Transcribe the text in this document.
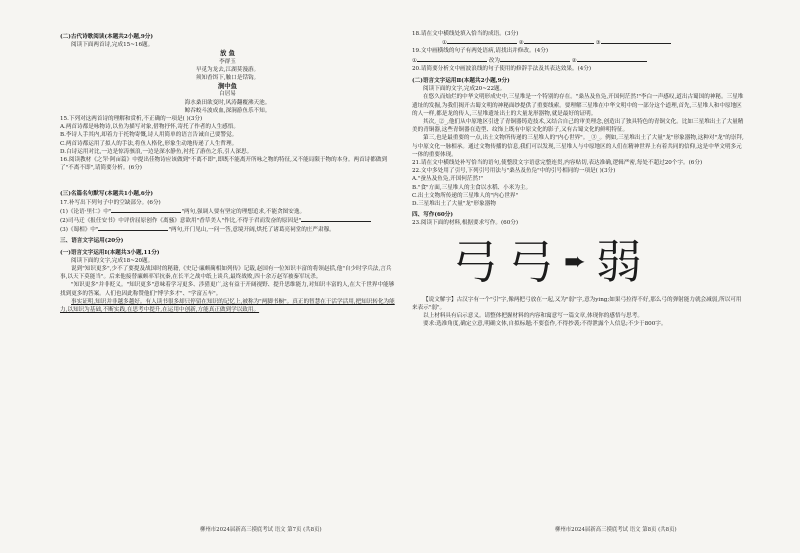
(二)古代诗歌阅读(本题共2小题,9分)
阅读下面两首诗,完成15~16题。
放 鱼
李群玉
早觅为龙去,江湖莫漫游。
须知香饵下,触口是铦钩。
涧中鱼
白居易
海水桑田欲变时,风涛翻覆沸天池。
鲸吞蛟斗波成血,深涧游鱼乐不知。
15.下列对这两首诗的理解和赏析,不正确的一项是( )(3分)
A.两首诗都是咏物诗,以鱼为描写对象,借物抒怀,寄托了作者的人生感悟。
B.李诗人手其内,却着力于托物寄慨,诗人用简单的语言告诫自己要警觉。
C.两首诗都运用了拟人的手法,将鱼人格化,形象生动地传递了人生哲理。
D.白诗运用对比,一边是惊涛骇浪,一边是深水静鱼,衬托了游鱼之乐,引人深思。
16.阅读教材《之罘·阿亩篇》中提出佳物诗应该做到"不离不即",即既不能离开所咏之物的特征,又不能局限于物的本身。两首诗都做到了"不离不即",请简要分析。(6分)
(三)名篇名句默写(本题共1小题,6分)
17.补写出下列句子中的空缺部分。(6分)
(1)《论语·里仁》中"	"两句,强调人要有坚定的理想追求,不能贪图安逸。
(2)司马迁《报任安书》中评价屈原创作《离骚》意欲用"香草美人"作比,不得于君而发奋的原因是"
(3)《蜀相》中"	"两句,开门见山,一问一答,意境开阔,烘托了诸葛亮祠堂的庄严肃穆。
三、语言文字运用(20分)
(一)语言文字运用Ⅰ(本题共3小题,11分)
阅读下面的文字,完成18~20题。
说到"知识更多",少不了要提及战国时的秘籍,《史记·廉颇蔺相如列传》记载,赵国有一位知识丰富的将领赵括,他"自少时学兵法,言兵事,以天下莫能当"。后来他接替廉颇率军抗秦,在长平之战中纸上谈兵,最终战败,四十余万赵军被秦军坑杀。
"知识更多"并非贬义。"知识更多"意味着学习更多、涉猎更广,这有益于开阔视野、提升思维能力,对知识丰富的人,在大千世界中能够找到更多的答案。人们也因此称赞他们"博学多才"、"学富五车"。
事实证明,知识并非越多越好。有人读书很多却只停留在知识的记忆上,被称为"两脚书橱"。真正的智慧在于活学活用,把知识转化为能力,以知识为基础,不断实践,在思考中提升,在运用中创新,方能真正做到学以致用。
18.请在文中横线处填入恰当的成语。(3分)
①	②	③
19.文中画横线的句子有两处语病,请找出并修改。(4分)
①	改为	②
20.请简要分析文中画波浪线的句子使用的修辞手法及其表达效果。(4分)
(二)语言文字运用Ⅱ(本题共2小题,9分)
阅读下面的文字,完成20~22题。
在悠久而灿烂的中华文明形成史中,三星堆是一个特别的存在。"桑丛及鱼凫,开国何茫然!"李白一声感叹,道出古蜀国的神秘。三星堆遗址的发掘,为我们揭开古蜀文明的神秘面纱提供了重要线索。要理解三星堆在中华文明中的一部分这个道理,首先,三星堆人和中原地区的人一样,都是龙的传人,三星堆遗址出土的大量龙形器物,就是最好的证明。
其次,_②_,他们从中原地区引进了青铜器铸造技术,又结合自己的审美理念,创造出了独具特色的青铜文化。比如三星堆出土了大量精美的青铜器,这些青铜器在造型、纹饰上既有中原文化的影子,又有古蜀文化的鲜明特征。
第三,也是最重要的一点,出土文物所传递的三星堆人的"内心世界"。_③_。例如,三星堆出土了大量"龙"形象器物,这种对"龙"的崇拜,与中原文化一脉相承。通过文物传播的信息,我们可以发现,三星堆人与中原地区的人们在精神世界上有着共同的信仰,这是中华文明多元一体的重要体现。
21.请在文中横线处补写恰当的语句,使整段文字语意完整连贯,内容贴切,表达准确,逻辑严密,每处不超过20个字。(6分)
22.文中多处用了引号,下列引号用法与"桑丛及鱼凫"中的引号相同的一项是( )(3分)
A."蚕丛及鱼凫,开国何茫然!"
B."食"方面,三星堆人的主食以水稻、小米为主。
C.出土文物所传递的三星堆人的"内心世界"
D.三星堆出土了大量"龙"形象器物
四、写作(60分)
23.阅读下面的材料,根据要求写作。(60分)
弓 弓 ➨ 弱
【说文解字】古汉字有一个"引"字,像两把弓放在一起,又为"弱"字,意为ying;如果弓拉得不好,那么弓的弹射能力就会减弱,所以可用来表示"弱"。
以上材料具有启示意义。请整体把握材料的内容和寓意写一篇文章,体现你的感悟与思考。
要求:选准角度,确定立意,明确文体,自拟标题;不要套作,不得抄袭;不得泄露个人信息;不少于800字。
柳州市2024届新高三摸底考试 语文 第7页 (共8页)	柳州市2024届新高三摸底考试 语文 第8页 (共8页)
